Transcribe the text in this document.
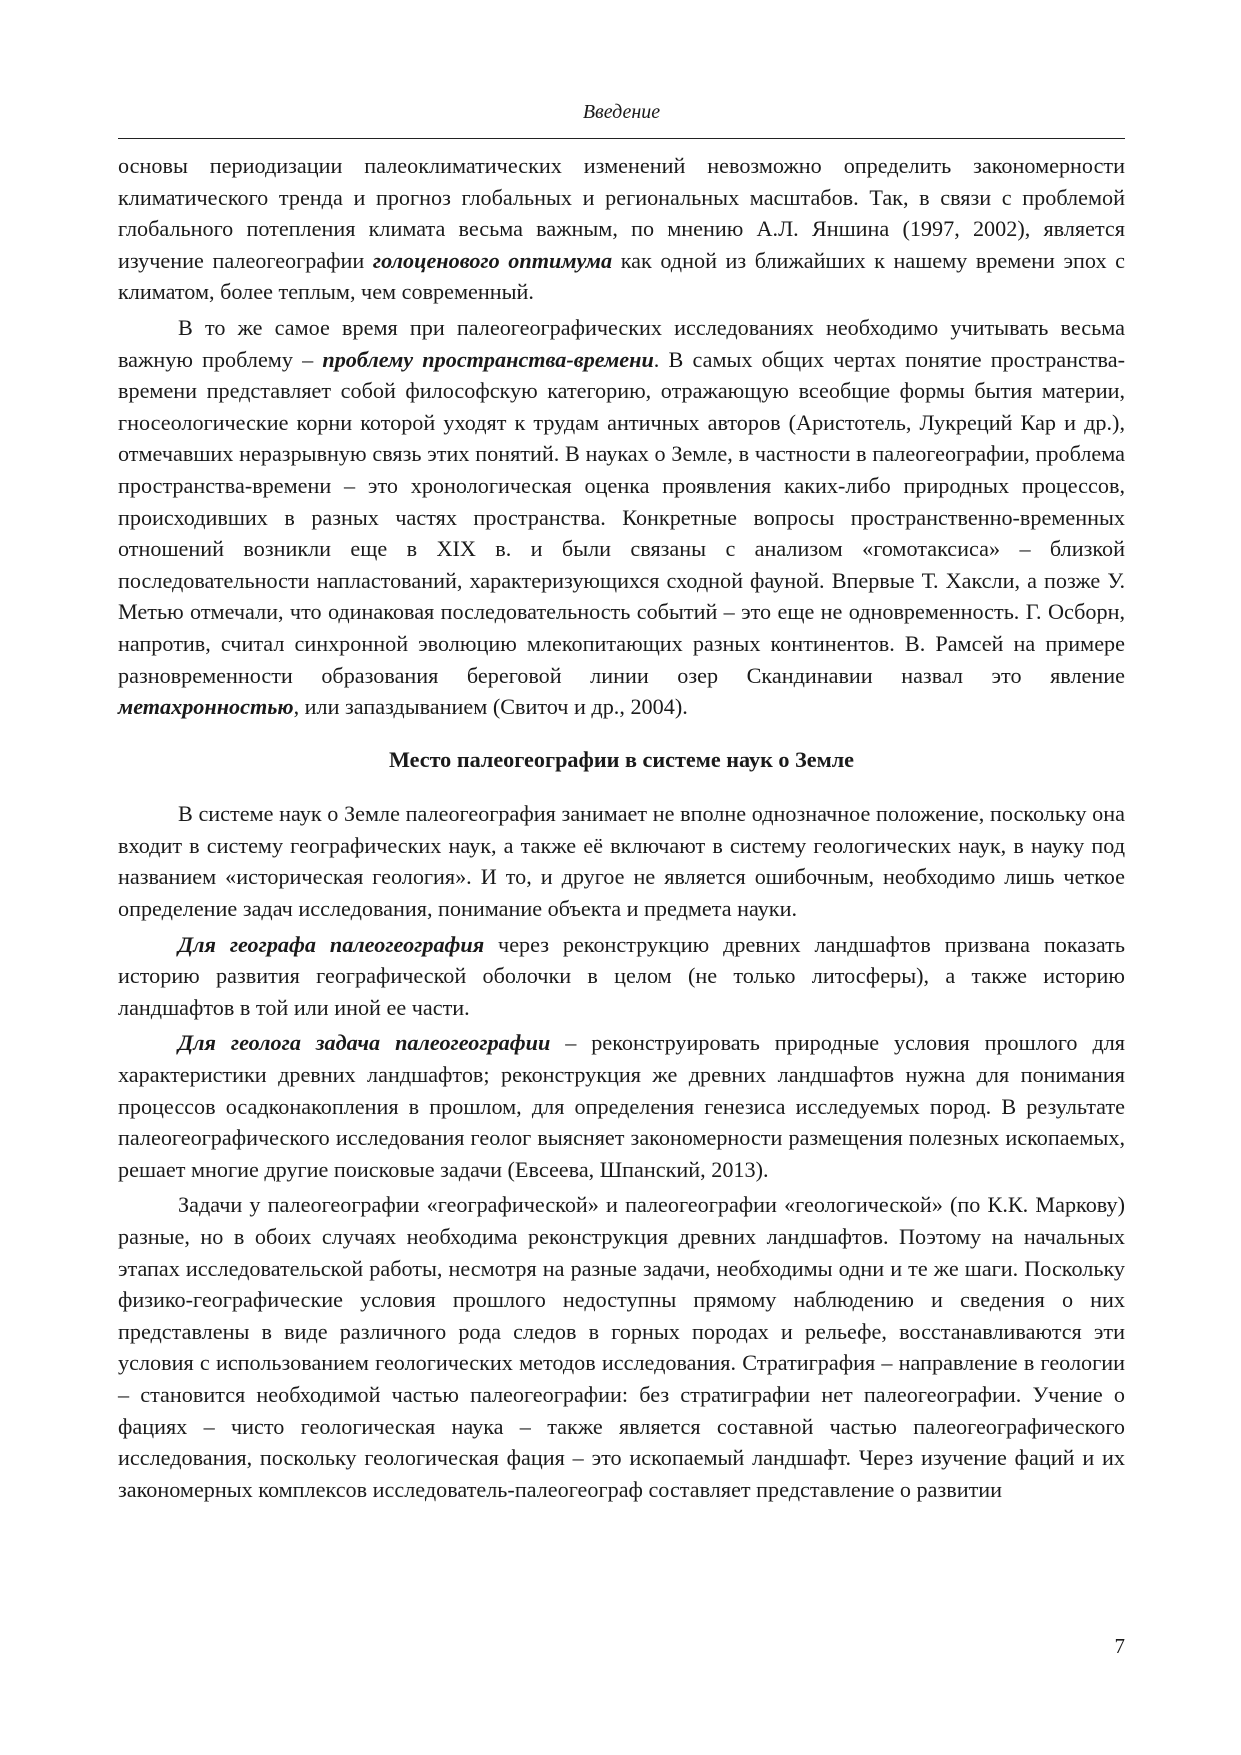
Введение

основы периодизации палеоклиматических изменений невозможно определить закономерности климатического тренда и прогноз глобальных и региональных масштабов. Так, в связи с проблемой глобального потепления климата весьма важным, по мнению А.Л. Яншина (1997, 2002), является изучение палеогеографии голоценового оптимума как одной из ближайших к нашему времени эпох с климатом, более теплым, чем современный.

В то же самое время при палеогеографических исследованиях необходимо учитывать весьма важную проблему – проблему пространства-времени. В самых общих чертах понятие пространства-времени представляет собой философскую категорию, отражающую всеобщие формы бытия материи, гносеологические корни которой уходят к трудам античных авторов (Аристотель, Лукреций Кар и др.), отмечавших неразрывную связь этих понятий. В науках о Земле, в частности в палеогеографии, проблема пространства-времени – это хронологическая оценка проявления каких-либо природных процессов, происходивших в разных частях пространства. Конкретные вопросы пространственно-временных отношений возникли еще в XIX в. и были связаны с анализом «гомотаксиса» – близкой последовательности напластований, характеризующихся сходной фауной. Впервые Т. Хаксли, а позже У. Метью отмечали, что одинаковая последовательность событий – это еще не одновременность. Г. Осборн, напротив, считал синхронной эволюцию млекопитающих разных континентов. В. Рамсей на примере разновременности образования береговой линии озер Скандинавии назвал это явление метахронностью, или запаздыванием (Свиточ и др., 2004).

Место палеогеографии в системе наук о Земле

В системе наук о Земле палеогеография занимает не вполне однозначное положение, поскольку она входит в систему географических наук, а также её включают в систему геологических наук, в науку под названием «историческая геология». И то, и другое не является ошибочным, необходимо лишь четкое определение задач исследования, понимание объекта и предмета науки.

Для географа палеогеография через реконструкцию древних ландшафтов призвана показать историю развития географической оболочки в целом (не только литосферы), а также историю ландшафтов в той или иной ее части.

Для геолога задача палеогеографии – реконструировать природные условия прошлого для характеристики древних ландшафтов; реконструкция же древних ландшафтов нужна для понимания процессов осадконакопления в прошлом, для определения генезиса исследуемых пород. В результате палеогеографического исследования геолог выясняет закономерности размещения полезных ископаемых, решает многие другие поисковые задачи (Евсеева, Шпанский, 2013).

Задачи у палеогеографии «географической» и палеогеографии «геологической» (по К.К. Маркову) разные, но в обоих случаях необходима реконструкция древних ландшафтов. Поэтому на начальных этапах исследовательской работы, несмотря на разные задачи, необходимы одни и те же шаги. Поскольку физико-географические условия прошлого недоступны прямому наблюдению и сведения о них представлены в виде различного рода следов в горных породах и рельефе, восстанавливаются эти условия с использованием геологических методов исследования. Стратиграфия – направление в геологии – становится необходимой частью палеогеографии: без стратиграфии нет палеогеографии. Учение о фациях – чисто геологическая наука – также является составной частью палеогеографического исследования, поскольку геологическая фация – это ископаемый ландшафт. Через изучение фаций и их закономерных комплексов исследователь-палеогеограф составляет представление о развитии

7
